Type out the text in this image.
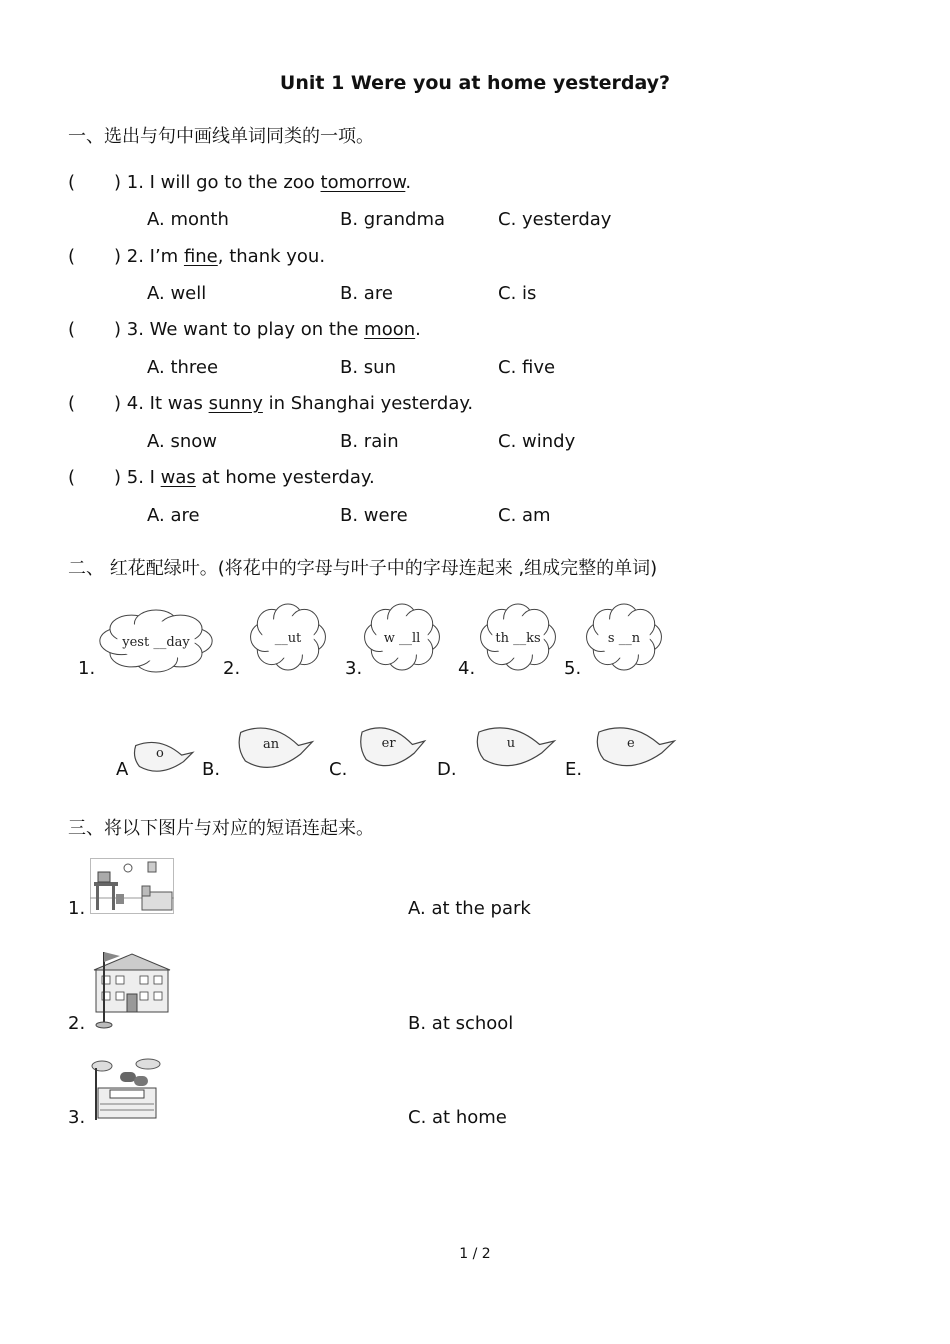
Unit 1 Were you at home yesterday?
一、选出与句中画线单词同类的一项。
( ) 1. I will go to the zoo tomorrow.
A. month	B. grandma	C. yesterday
( ) 2. I’m fine, thank you.
A. well	B. are	C. is
( ) 3. We want to play on the moon.
A. three	B. sun	C. five
( ) 4. It was sunny in Shanghai yesterday.
A. snow	B. rain	C. windy
( ) 5. I was at home yesterday.
A. are	B. were	C. am
二、 红花配绿叶。(将花中的字母与叶子中的字母连起来 ,组成完整的单词)
1.
yest __day
2.
__ut
3.
w __ll
4.
th __ks
5.
s __n
A
o
B.
an
C.
er
D.
u
E.
e
三、将以下图片与对应的短语连起来。
1.	A. at the park
2.	B. at school
3.	C. at home
1 / 2
